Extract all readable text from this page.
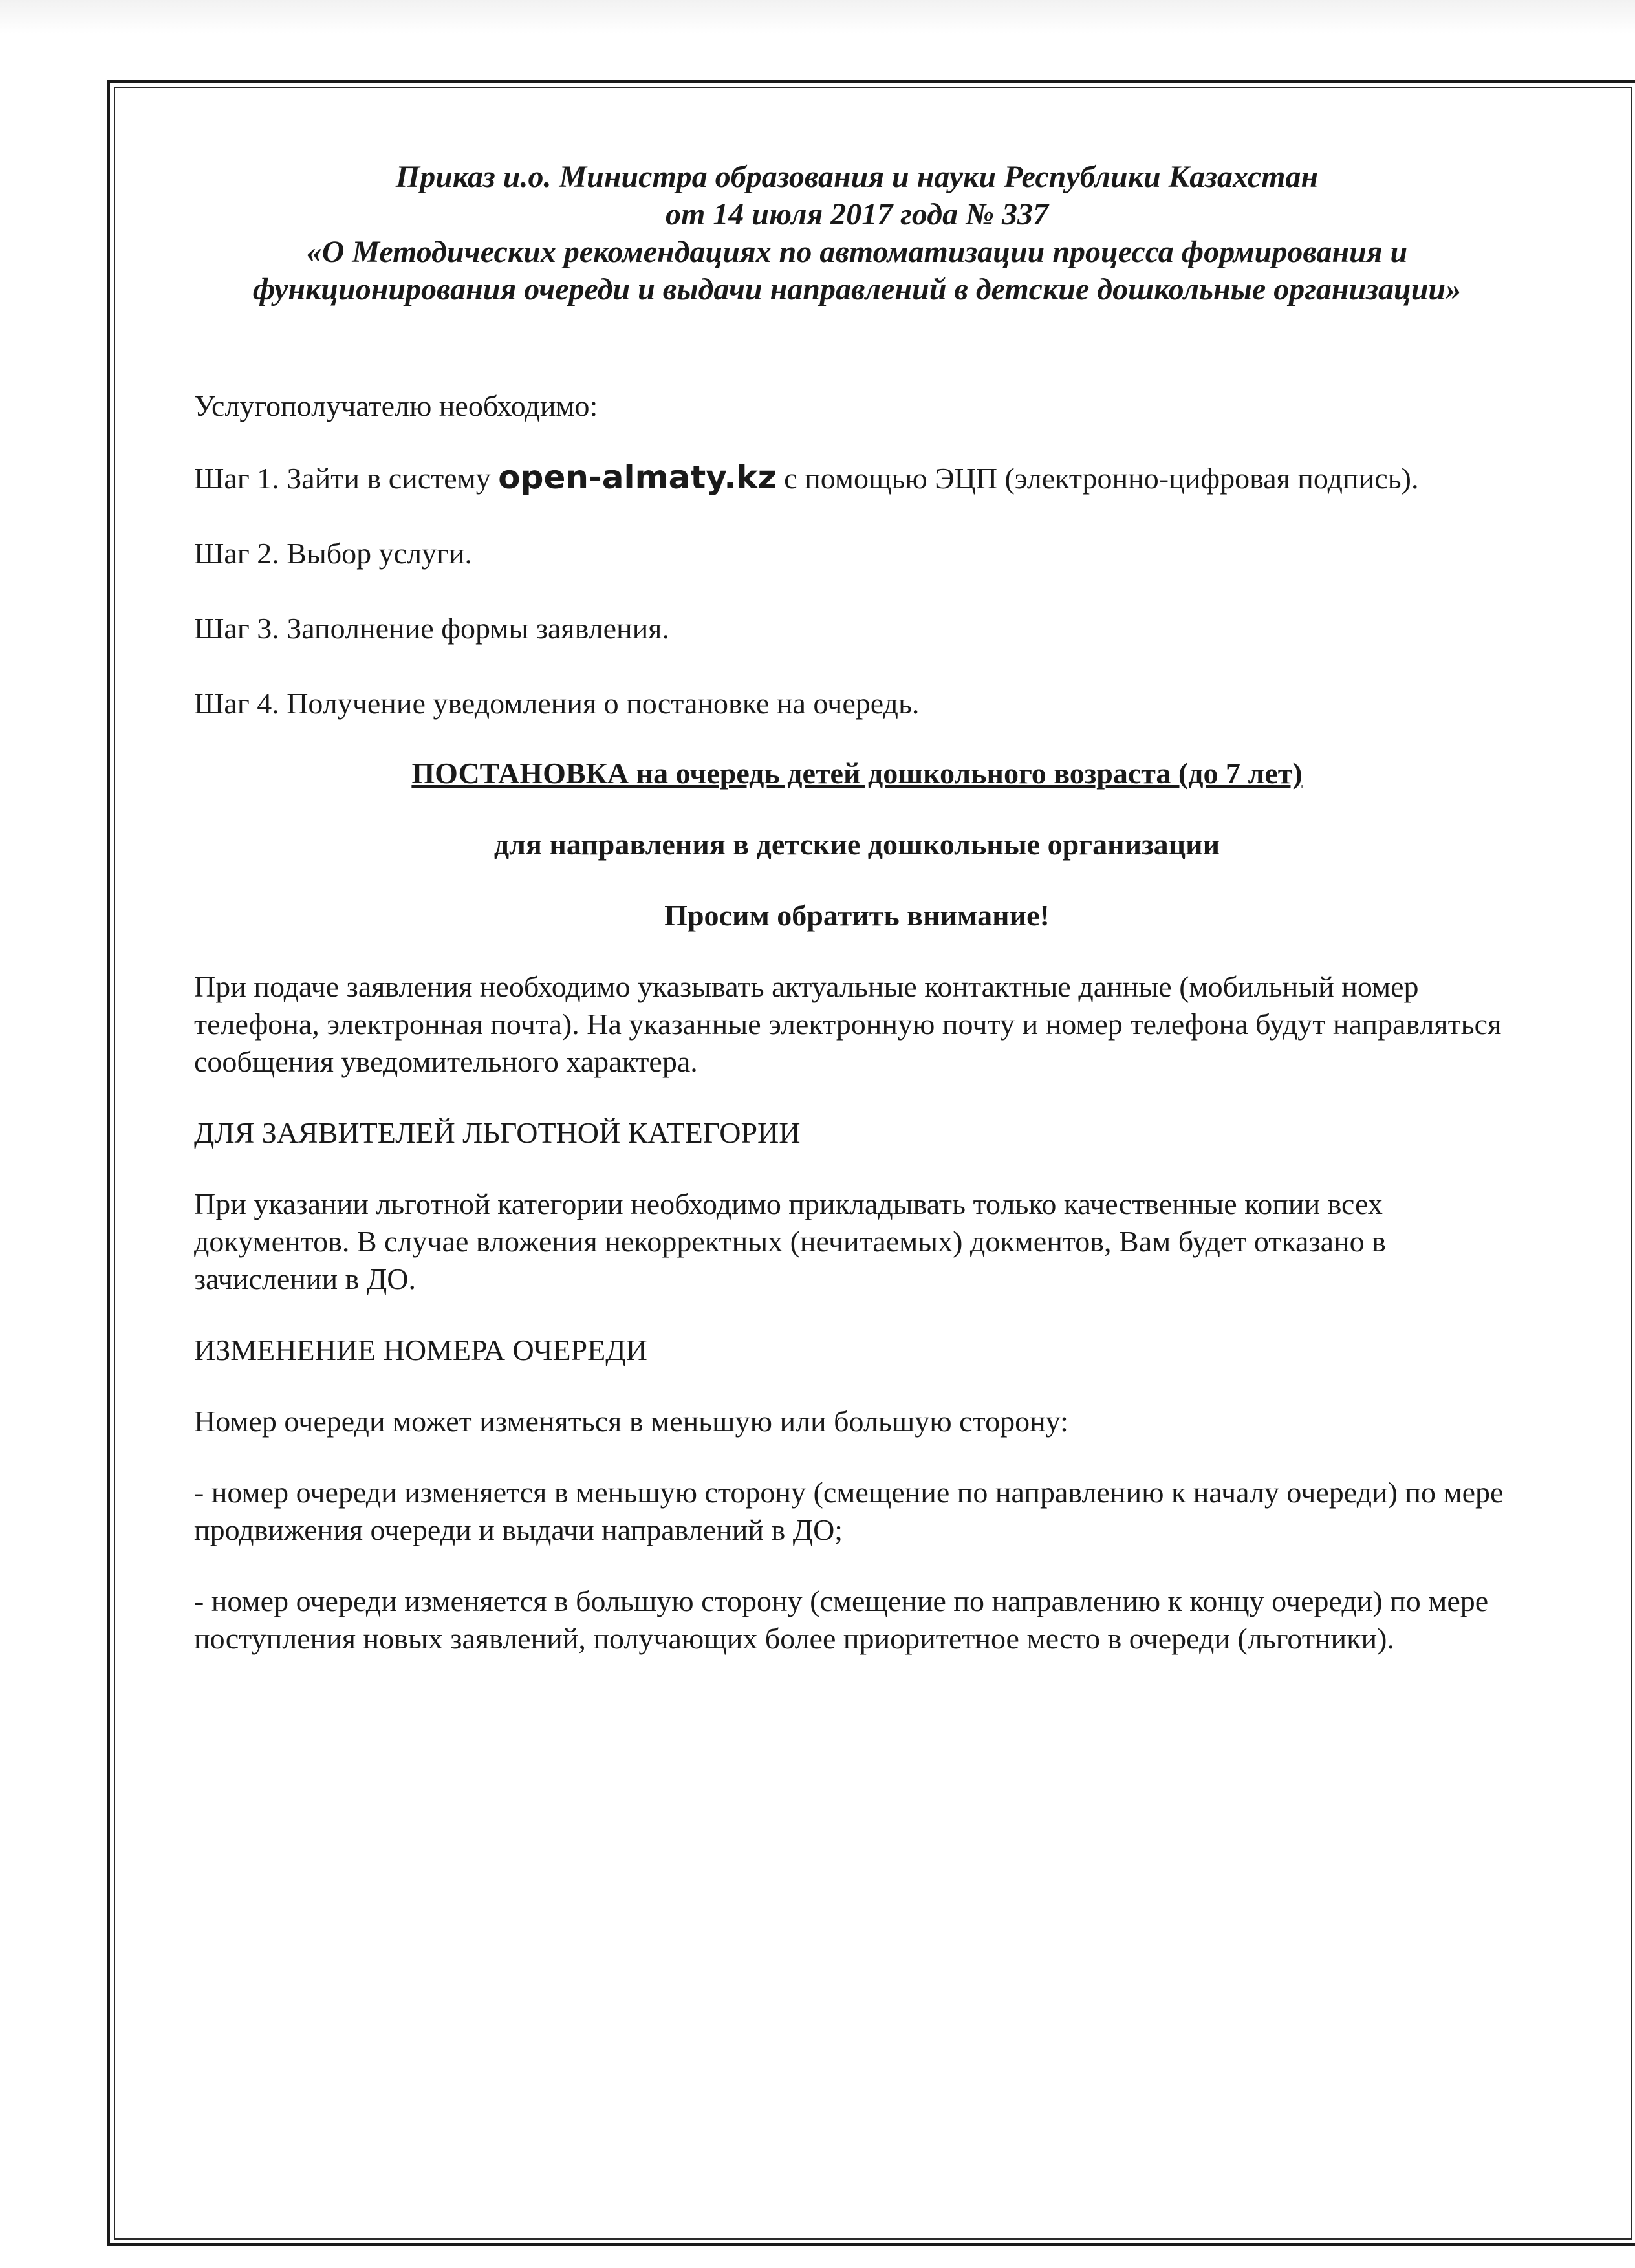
Приказ и.о. Министра образования и науки Республики Казахстан
от 14 июля 2017 года № 337
«О Методических рекомендациях по автоматизации процесса формирования и
функционирования очереди и выдачи направлений в детские дошкольные организации»

Услугополучателю необходимо:

Шаг 1. Зайти в систему open-almaty.kz с помощью ЭЦП (электронно-цифровая подпись).

Шаг 2. Выбор услуги.

Шаг 3. Заполнение формы заявления.

Шаг 4. Получение уведомления о постановке на очередь.

ПОСТАНОВКА на очередь детей дошкольного возраста (до 7 лет)

для направления в детские дошкольные организации

Просим обратить внимание!

При подаче заявления необходимо указывать актуальные контактные данные (мобильный номер телефона, электронная почта). На указанные электронную почту и номер телефона будут направляться сообщения уведомительного характера.

ДЛЯ ЗАЯВИТЕЛЕЙ ЛЬГОТНОЙ КАТЕГОРИИ

При указании льготной категории необходимо прикладывать только качественные копии всех документов. В случае вложения некорректных (нечитаемых) докментов, Вам будет отказано в зачислении в ДО.

ИЗМЕНЕНИЕ НОМЕРА ОЧЕРЕДИ

Номер очереди может изменяться в меньшую или большую сторону:

- номер очереди изменяется в меньшую сторону (смещение по направлению к началу очереди) по мере продвижения очереди и выдачи направлений в ДО;

- номер очереди изменяется в большую сторону (смещение по направлению к концу очереди) по мере поступления новых заявлений, получающих более приоритетное место в очереди (льготники).
